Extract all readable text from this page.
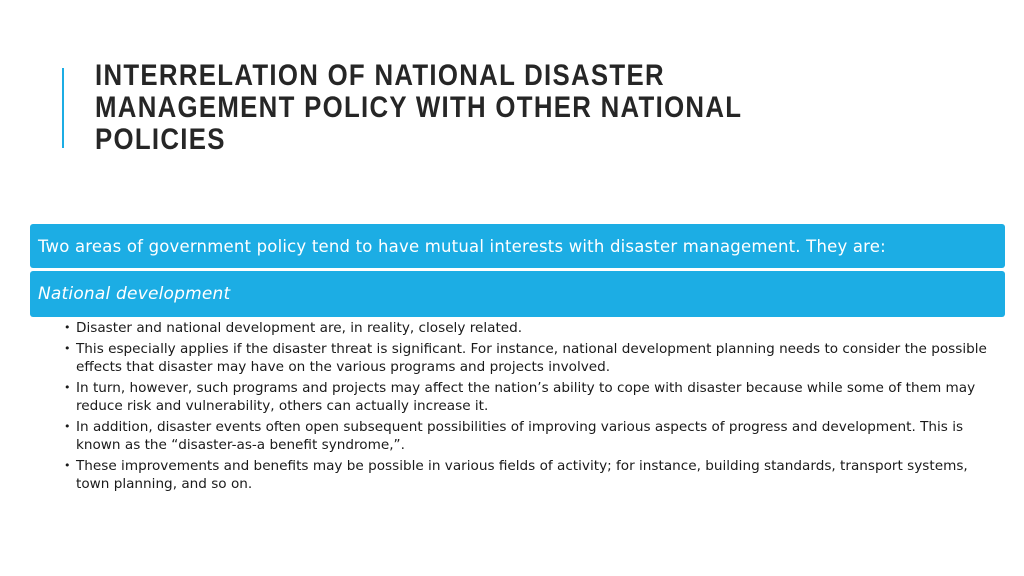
INTERRELATION OF NATIONAL DISASTER
MANAGEMENT POLICY WITH OTHER NATIONAL
POLICIES
Two areas of government policy tend to have mutual interests with disaster management. They are:
National development
• Disaster and national development are, in reality, closely related.
• This especially applies if the disaster threat is significant. For instance, national development planning needs to consider the possible effects that disaster may have on the various programs and projects involved.
• In turn, however, such programs and projects may affect the nation’s ability to cope with disaster because while some of them may reduce risk and vulnerability, others can actually increase it.
• In addition, disaster events often open subsequent possibilities of improving various aspects of progress and development. This is known as the “disaster-as-a benefit syndrome,”.
• These improvements and benefits may be possible in various fields of activity; for instance, building standards, transport systems, town planning, and so on.
